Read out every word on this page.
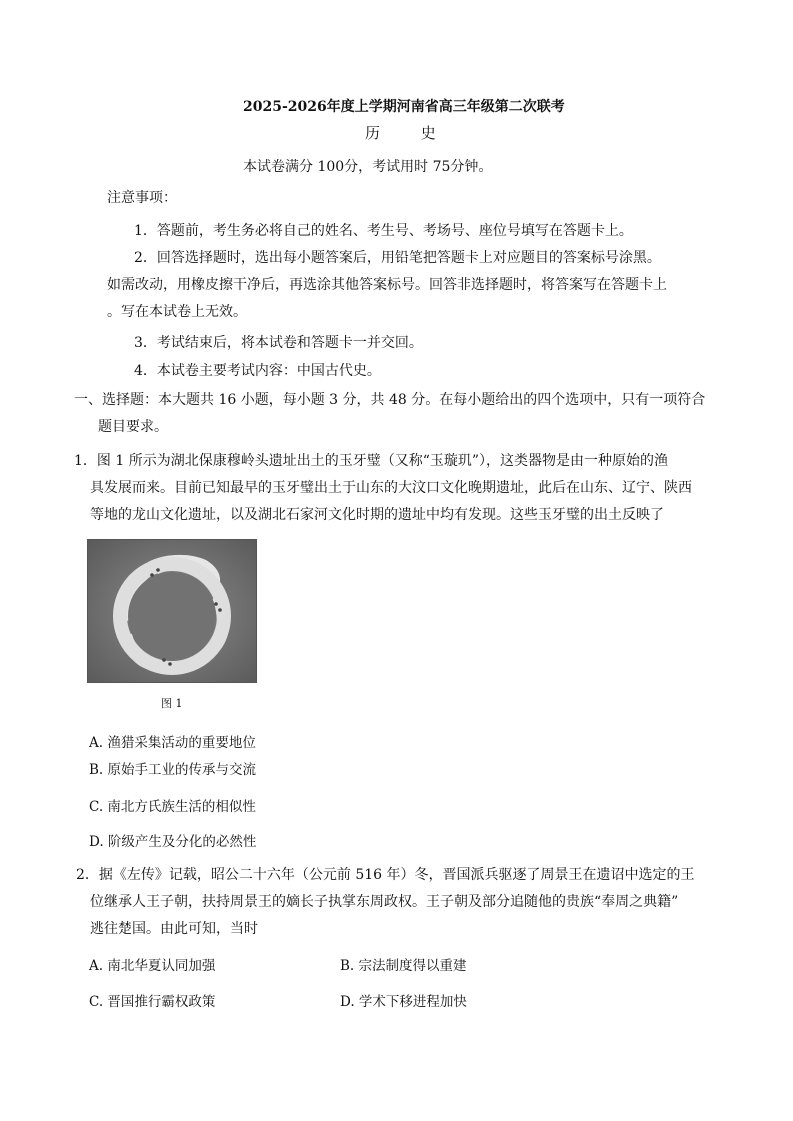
2025-2026年度上学期河南省高三年级第二次联考
历	史
本试卷满分 100分，考试用时 75分钟。
注意事项：
1．答题前，考生务必将自己的姓名、考生号、考场号、座位号填写在答题卡上。
2．回答选择题时，选出每小题答案后，用铅笔把答题卡上对应题目的答案标号涂黑。
如需改动，用橡皮擦干净后，再选涂其他答案标号。回答非选择题时，将答案写在答题卡上
。写在本试卷上无效。
3．考试结束后，将本试卷和答题卡一并交回。
4．本试卷主要考试内容：中国古代史。
一、选择题：本大题共 16 小题，每小题 3 分，共 48 分。在每小题给出的四个选项中，只有一项符合
题目要求。
1．图 1 所示为湖北保康穆岭头遗址出土的玉牙璧（又称“玉璇玑”），这类器物是由一种原始的渔
具发展而来。目前已知最早的玉牙璧出土于山东的大汶口文化晚期遗址，此后在山东、辽宁、陕西
等地的龙山文化遗址，以及湖北石家河文化时期的遗址中均有发现。这些玉牙璧的出土反映了
图 1
A. 渔猎采集活动的重要地位
B. 原始手工业的传承与交流
C. 南北方氏族生活的相似性
D. 阶级产生及分化的必然性
2．据《左传》记载，昭公二十六年（公元前 516 年）冬，晋国派兵驱逐了周景王在遗诏中选定的王
位继承人王子朝，扶持周景王的嫡长子执掌东周政权。王子朝及部分追随他的贵族“奉周之典籍”
逃往楚国。由此可知，当时
A. 南北华夏认同加强	B. 宗法制度得以重建
C. 晋国推行霸权政策	D. 学术下移进程加快
